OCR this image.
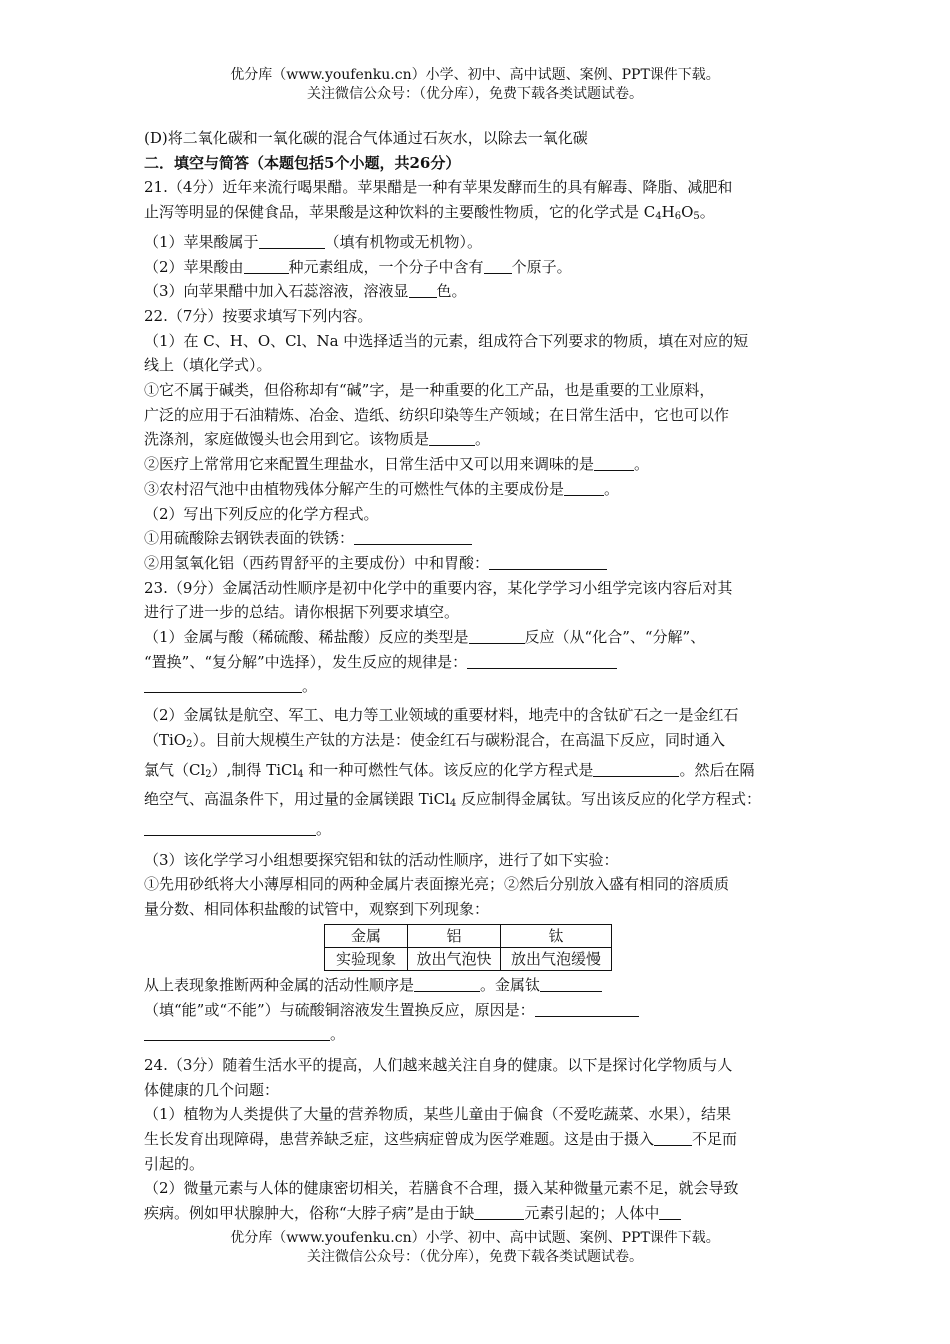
优分库（www.youfenku.cn）小学、初中、高中试题、案例、PPT课件下载。
关注微信公众号：（优分库），免费下载各类试题试卷。

(D)将二氧化碳和一氧化碳的混合气体通过石灰水，以除去一氧化碳

二．填空与简答（本题包括5个小题，共26分）

21.（4分）近年来流行喝果醋。苹果醋是一种有苹果发酵而生的具有解毒、降脂、减肥和

止泻等明显的保健食品，苹果酸是这种饮料的主要酸性物质，它的化学式是 $C_4H_6O_5$。

（1）苹果酸属于	（填有机物或无机物）。

（2）苹果酸由	种元素组成，一个分子中含有 个原子。

（3）向苹果醋中加入石蕊溶液，溶液显 色。

22.（7分）按要求填写下列内容。

（1）在 C、H、O、Cl、Na 中选择适当的元素，组成符合下列要求的物质，填在对应的短

线上（填化学式）。

①它不属于碱类，但俗称却有“碱”字，是一种重要的化工产品，也是重要的工业原料，

广泛的应用于石油精炼、冶金、造纸、纺织印染等生产领域；在日常生活中，它也可以作

洗涤剂，家庭做馒头也会用到它。该物质是	。

②医疗上常常用它来配置生理盐水，日常生活中又可以用来调味的是	。

③农村沼气池中由植物残体分解产生的可燃性气体的主要成份是	。

（2）写出下列反应的化学方程式。

①用硫酸除去钢铁表面的铁锈：

②用氢氧化铝（西药胃舒平的主要成份）中和胃酸：

23.（9分）金属活动性顺序是初中化学中的重要内容，某化学学习小组学完该内容后对其

进行了进一步的总结。请你根据下列要求填空。

（1）金属与酸（稀硫酸、稀盐酸）反应的类型是	反应（从“化合”、“分解”、

“置换”、“复分解”中选择），发生反应的规律是：

。

（2）金属钛是航空、军工、电力等工业领域的重要材料，地壳中的含钛矿石之一是金红石

（TiO$_2$）。目前大规模生产钛的方法是：使金红石与碳粉混合，在高温下反应，同时通入

氯气$(Cl_2)$,制得 TiCl$_4$ 和一种可燃性气体。该反应的化学方程式是	。然后在隔

绝空气、高温条件下，用过量的金属镁跟 TiCl$_4$ 反应制得金属钛。写出该反应的化学方程式：

。

（3）该化学学习小组想要探究铝和钛的活动性顺序，进行了如下实验：

①先用砂纸将大小薄厚相同的两种金属片表面擦光亮；②然后分别放入盛有相同的溶质质

量分数、相同体积盐酸的试管中，观察到下列现象：

金属	铝	钛
实验现象	放出气泡快	放出气泡缓慢

从上表现象推断两种金属的活动性顺序是	。金属钛

（填“能”或“不能”）与硫酸铜溶液发生置换反应，原因是：

。

24.（3分）随着生活水平的提高，人们越来越关注自身的健康。以下是探讨化学物质与人

体健康的几个问题：

（1）植物为人类提供了大量的营养物质，某些儿童由于偏食（不爱吃蔬菜、水果），结果

生长发育出现障碍，患营养缺乏症，这些病症曾成为医学难题。这是由于摄入	不足而

引起的。

（2）微量元素与人体的健康密切相关，若膳食不合理，摄入某种微量元素不足，就会导致

疾病。例如甲状腺肿大，俗称“大脖子病”是由于缺	元素引起的；人体中

优分库（www.youfenku.cn）小学、初中、高中试题、案例、PPT课件下载。
关注微信公众号：（优分库），免费下载各类试题试卷。
